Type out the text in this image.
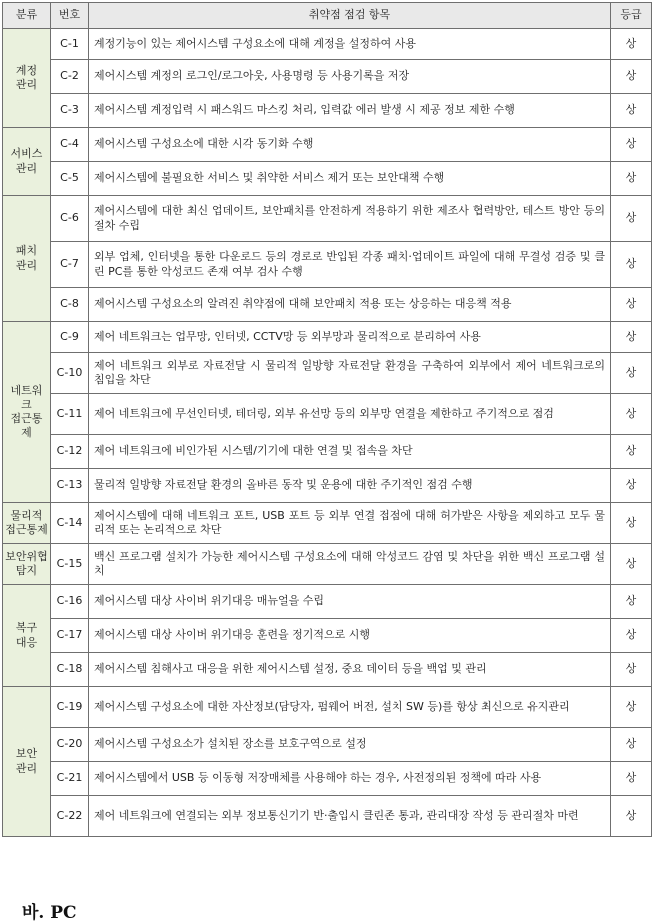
분류	번호	취약점 점검 항목	등급
계정
관리	C-1	계정기능이 있는 제어시스템 구성요소에 대해 계정을 설정하여 사용	상
	C-2	제어시스템 계정의 로그인/로그아웃, 사용명령 등 사용기록을 저장	상
	C-3	제어시스템 계정입력 시 패스워드 마스킹 처리, 입력값 에러 발생 시 제공 정보 제한 수행	상
서비스
관리	C-4	제어시스템 구성요소에 대한 시각 동기화 수행	상
	C-5	제어시스템에 불필요한 서비스 및 취약한 서비스 제거 또는 보안대책 수행	상
패치
관리	C-6	제어시스템에 대한 최신 업데이트, 보안패치를 안전하게 적용하기 위한 제조사 협력방안, 테스트 방안 등의 절차 수립	상
	C-7	외부 업체, 인터넷을 통한 다운로드 등의 경로로 반입된 각종 패치·업데이트 파일에 대해 무결성 검증 및 클린 PC를 통한 악성코드 존재 여부 검사 수행	상
	C-8	제어시스템 구성요소의 알려진 취약점에 대해 보안패치 적용 또는 상응하는 대응책 적용	상
네트워
크
접근통
제	C-9	제어 네트워크는 업무망, 인터넷, CCTV망 등 외부망과 물리적으로 분리하여 사용	상
	C-10	제어 네트워크 외부로 자료전달 시 물리적 일방향 자료전달 환경을 구축하여 외부에서 제어 네트워크로의 침입을 차단	상
	C-11	제어 네트워크에 무선인터넷, 테더링, 외부 유선망 등의 외부망 연결을 제한하고 주기적으로 점검	상
	C-12	제어 네트워크에 비인가된 시스템/기기에 대한 연결 및 접속을 차단	상
	C-13	물리적 일방향 자료전달 환경의 올바른 동작 및 운용에 대한 주기적인 점검 수행	상
물리적
접근통제	C-14	제어시스템에 대해 네트워크 포트, USB 포트 등 외부 연결 접점에 대해 허가받은 사항을 제외하고 모두 물리적 또는 논리적으로 차단	상
보안위협
탐지	C-15	백신 프로그램 설치가 가능한 제어시스템 구성요소에 대해 악성코드 감염 및 차단을 위한 백신 프로그램 설치	상
복구
대응	C-16	제어시스템 대상 사이버 위기대응 매뉴얼을 수립	상
	C-17	제어시스템 대상 사이버 위기대응 훈련을 정기적으로 시행	상
	C-18	제어시스템 침해사고 대응을 위한 제어시스템 설정, 중요 데이터 등을 백업 및 관리	상
보안
관리	C-19	제어시스템 구성요소에 대한 자산정보(담당자, 펌웨어 버전, 설치 SW 등)를 항상 최신으로 유지관리	상
	C-20	제어시스템 구성요소가 설치된 장소를 보호구역으로 설정	상
	C-21	제어시스템에서 USB 등 이동형 저장매체를 사용해야 하는 경우, 사전정의된 정책에 따라 사용	상
	C-22	제어 네트워크에 연결되는 외부 정보통신기기 반·출입시 클린존 통과, 관리대장 작성 등 관리절차 마련	상
바. PC
